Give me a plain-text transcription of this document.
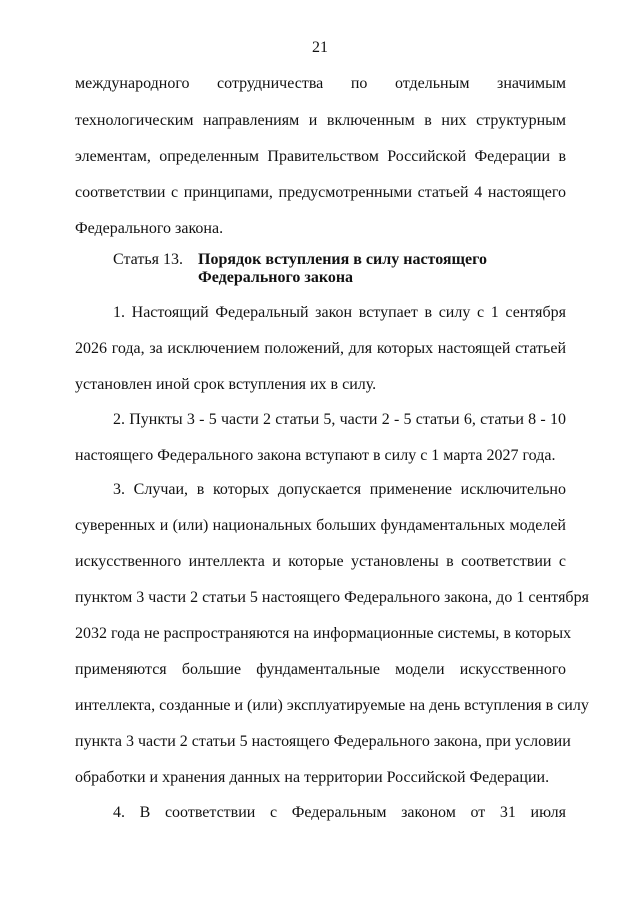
21
международного сотрудничества по отдельным значимым
технологическим направлениям и включенным в них структурным
элементам, определенным Правительством Российской Федерации в
соответствии с принципами, предусмотренными статьей 4 настоящего
Федерального закона.
Статья 13. Порядок вступления в силу настоящего
Федерального закона
1. Настоящий Федеральный закон вступает в силу с 1 сентября
2026 года, за исключением положений, для которых настоящей статьей
установлен иной срок вступления их в силу.
2. Пункты 3 - 5 части 2 статьи 5, части 2 - 5 статьи 6, статьи 8 - 10
настоящего Федерального закона вступают в силу с 1 марта 2027 года.
3. Случаи, в которых допускается применение исключительно
суверенных и (или) национальных больших фундаментальных моделей
искусственного интеллекта и которые установлены в соответствии с
пунктом 3 части 2 статьи 5 настоящего Федерального закона, до 1 сентября
2032 года не распространяются на информационные системы, в которых
применяются большие фундаментальные модели искусственного
интеллекта, созданные и (или) эксплуатируемые на день вступления в силу
пункта 3 части 2 статьи 5 настоящего Федерального закона, при условии
обработки и хранения данных на территории Российской Федерации.
4. В соответствии с Федеральным законом от 31 июля
